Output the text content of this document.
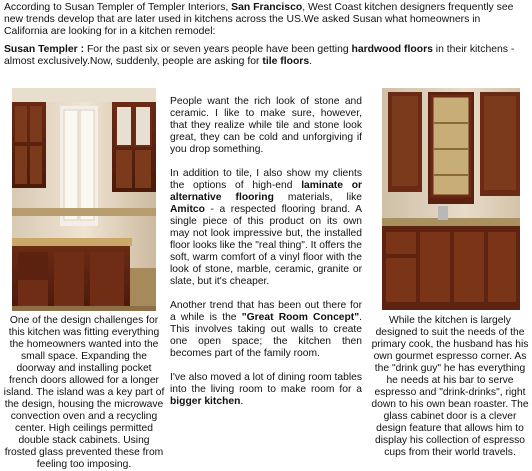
According to Susan Templer of Templer Interiors, San Francisco, West Coast kitchen designers frequently see new trends develop that are later used in kitchens across the US.We asked Susan what homeowners in California are looking for in a kitchen remodel:
Susan Templer : For the past six or seven years people have been getting hardwood floors in their kitchens - almost exclusively.Now, suddenly, people are asking for tile floors.

People want the rich look of stone and ceramic. I like to make sure, however, that they realize while tile and stone look great, they can be cold and unforgiving if you drop something.

In addition to tile, I also show my clients the options of high-end laminate or alternative flooring materials, like Amitco - a respected flooring brand. A single piece of this product on its own may not look impressive but, the installed floor looks like the "real thing". It offers the soft, warm comfort of a vinyl floor with the look of stone, marble, ceramic, granite or slate, but it's cheaper.

Another trend that has been out there for a while is the "Great Room Concept". This involves taking out walls to create one open space; the kitchen then becomes part of the family room.

I've also moved a lot of dining room tables into the living room to make room for a bigger kitchen.

One of the design challenges for this kitchen was fitting everything the homeowners wanted into the small space. Expanding the doorway and installing pocket french doors allowed for a longer island. The island was a key part of the design, housing the microwave convection oven and a recycling center. High ceilings permitted double stack cabinets. Using frosted glass prevented these from feeling too imposing.
While the kitchen is largely designed to suit the needs of the primary cook, the husband has his own gourmet espresso corner. As the "drink guy" he has everything he needs at his bar to serve espresso and "drink-drinks", right down to his own bean roaster. The glass cabinet door is a clever design feature that allows him to display his collection of espresso cups from their world travels.
